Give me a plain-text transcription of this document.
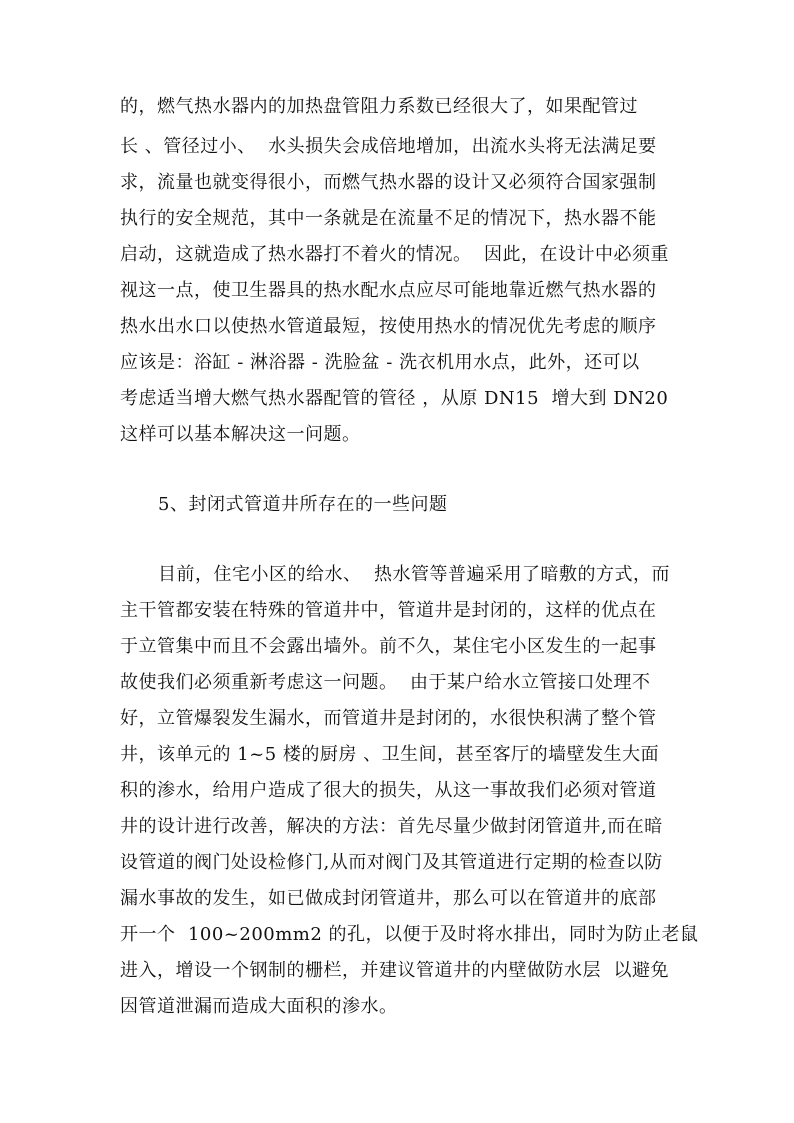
的，燃气热水器内的加热盘管阻力系数已经很大了，如果配管过
长 、管径过小、  水头损失会成倍地增加，出流水头将无法满足要
求，流量也就变得很小，而燃气热水器的设计又必须符合国家强制
执行的安全规范，其中一条就是在流量不足的情况下，热水器不能
启动，这就造成了热水器打不着火的情况。  因此，在设计中必须重
视这一点，使卫生器具的热水配水点应尽可能地靠近燃气热水器的
热水出水口以使热水管道最短，按使用热水的情况优先考虑的顺序
应该是：浴缸 - 淋浴器 - 洗脸盆 - 洗衣机用水点，此外，还可以
考虑适当增大燃气热水器配管的管径 ，从原 DN15  增大到 DN20
这样可以基本解决这一问题。
5、封闭式管道井所存在的一些问题
目前，住宅小区的给水、  热水管等普遍采用了暗敷的方式，而
主干管都安装在特殊的管道井中，管道井是封闭的，这样的优点在
于立管集中而且不会露出墙外。前不久，某住宅小区发生的一起事
故使我们必须重新考虑这一问题。  由于某户给水立管接口处理不
好，立管爆裂发生漏水，而管道井是封闭的，水很快积满了整个管
井，该单元的 1~5 楼的厨房 、卫生间，甚至客厅的墙壁发生大面
积的渗水，给用户造成了很大的损失，从这一事故我们必须对管道
井的设计进行改善，解决的方法：首先尽量少做封闭管道井,而在暗
设管道的阀门处设检修门,从而对阀门及其管道进行定期的检查以防
漏水事故的发生，如已做成封闭管道井，那么可以在管道井的底部
开一个  100~200mm2 的孔，以便于及时将水排出，同时为防止老鼠
进入，增设一个钢制的栅栏，并建议管道井的内壁做防水层  以避免
因管道泄漏而造成大面积的渗水。
